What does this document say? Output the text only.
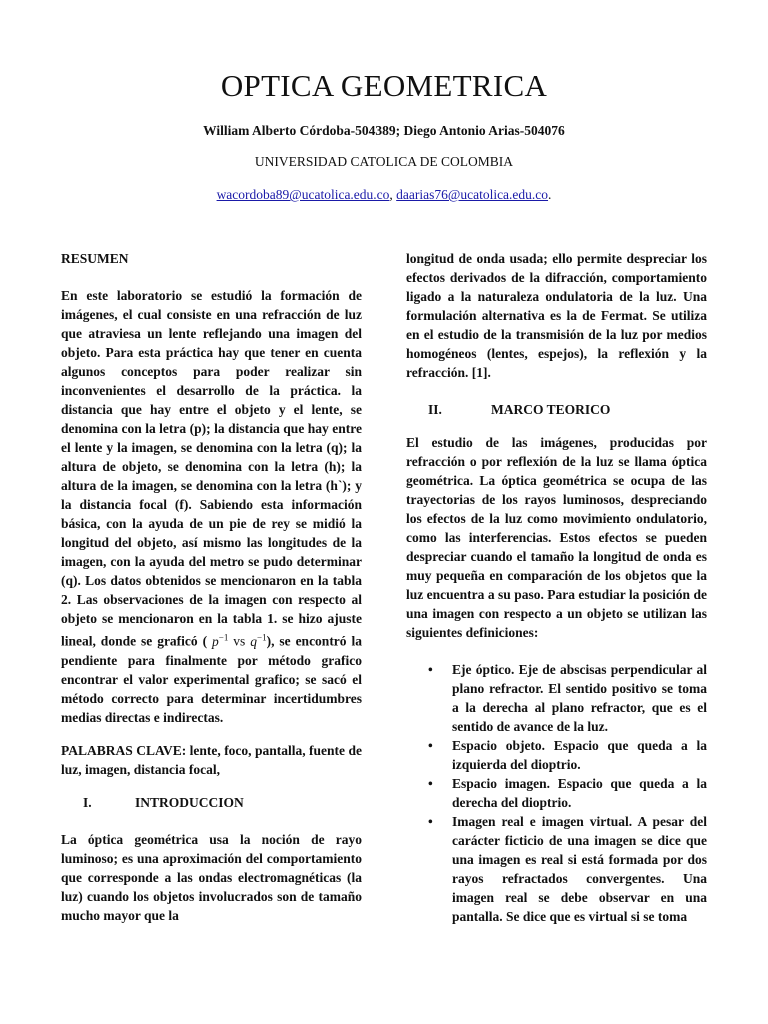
OPTICA GEOMETRICA
William Alberto Córdoba-504389; Diego Antonio Arias-504076
UNIVERSIDAD CATOLICA DE COLOMBIA
wacordoba89@ucatolica.edu.co, daarias76@ucatolica.edu.co.
RESUMEN

En este laboratorio se estudió la formación de imágenes, el cual consiste en una refracción de luz que atraviesa un lente reflejando una imagen del objeto. Para esta práctica hay que tener en cuenta algunos conceptos para poder realizar sin inconvenientes el desarrollo de la práctica. la distancia que hay entre el objeto y el lente, se denomina con la letra (p); la distancia que hay entre el lente y la imagen, se denomina con la letra (q); la altura de objeto, se denomina con la letra (h); la altura de la imagen, se denomina con la letra (h`); y la distancia focal (f). Sabiendo esta información básica, con la ayuda de un pie de rey se midió la longitud del objeto, así mismo las longitudes de la imagen, con la ayuda del metro se pudo determinar (q). Los datos obtenidos se mencionaron en la tabla 2. Las observaciones de la imagen con respecto al objeto se mencionaron en la tabla 1. se hizo ajuste lineal, donde se graficó ( $p^{-1}$ vs $q^{-1}$), se encontró la pendiente para finalmente por método grafico encontrar el valor experimental grafico; se sacó el método correcto para determinar incertidumbres medias directas e indirectas.

PALABRAS CLAVE: lente, foco, pantalla, fuente de luz, imagen, distancia focal,

I.	INTRODUCCION

La óptica geométrica usa la noción de rayo luminoso; es una aproximación del comportamiento que corresponde a las ondas electromagnéticas (la luz) cuando los objetos involucrados son de tamaño mucho mayor que la

longitud de onda usada; ello permite despreciar los efectos derivados de la difracción, comportamiento ligado a la naturaleza ondulatoria de la luz. Una formulación alternativa es la de Fermat. Se utiliza en el estudio de la transmisión de la luz por medios homogéneos (lentes, espejos), la reflexión y la refracción. [1].

II.	MARCO TEORICO

El estudio de las imágenes, producidas por refracción o por reflexión de la luz se llama óptica geométrica. La óptica geométrica se ocupa de las trayectorias de los rayos luminosos, despreciando los efectos de la luz como movimiento ondulatorio, como las interferencias. Estos efectos se pueden despreciar cuando el tamaño la longitud de onda es muy pequeña en comparación de los objetos que la luz encuentra a su paso. Para estudiar la posición de una imagen con respecto a un objeto se utilizan las siguientes definiciones:

• Eje óptico. Eje de abscisas perpendicular al plano refractor. El sentido positivo se toma a la derecha al plano refractor, que es el sentido de avance de la luz.
• Espacio objeto. Espacio que queda a la izquierda del dioptrio.
• Espacio imagen. Espacio que queda a la derecha del dioptrio.
• Imagen real e imagen virtual. A pesar del carácter ficticio de una imagen se dice que una imagen es real si está formada por dos rayos refractados convergentes. Una imagen real se debe observar en una pantalla. Se dice que es virtual si se toma
